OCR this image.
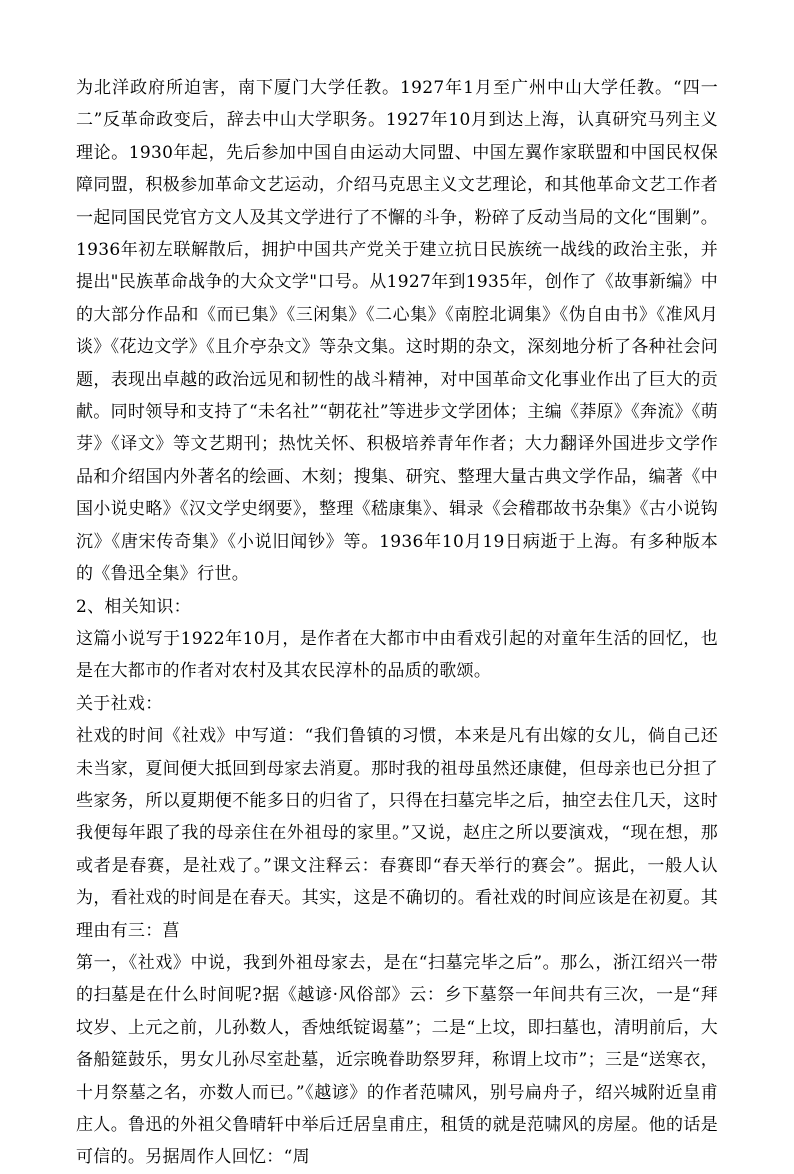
为北洋政府所迫害，南下厦门大学任教。1927年1月至广州中山大学任教。“四一二”反革命政变后，辞去中山大学职务。1927年10月到达上海，认真研究马列主义理论。1930年起，先后参加中国自由运动大同盟、中国左翼作家联盟和中国民权保障同盟，积极参加革命文艺运动，介绍马克思主义文艺理论，和其他革命文艺工作者一起同国民党官方文人及其文学进行了不懈的斗争，粉碎了反动当局的文化“围剿”。1936年初左联解散后，拥护中国共产党关于建立抗日民族统一战线的政治主张，并提出"民族革命战争的大众文学"口号。从1927年到1935年，创作了《故事新编》中的大部分作品和《而已集》《三闲集》《二心集》《南腔北调集》《伪自由书》《准风月谈》《花边文学》《且介亭杂文》等杂文集。这时期的杂文，深刻地分析了各种社会问题，表现出卓越的政治远见和韧性的战斗精神，对中国革命文化事业作出了巨大的贡献。同时领导和支持了“未名社”“朝花社”等进步文学团体；主编《莽原》《奔流》《萌芽》《译文》等文艺期刊；热忱关怀、积极培养青年作者；大力翻译外国进步文学作品和介绍国内外著名的绘画、木刻；搜集、研究、整理大量古典文学作品，编著《中国小说史略》《汉文学史纲要》，整理《嵇康集》、辑录《会稽郡故书杂集》《古小说钩沉》《唐宋传奇集》《小说旧闻钞》等。1936年10月19日病逝于上海。有多种版本的《鲁迅全集》行世。

2、相关知识：

这篇小说写于1922年10月，是作者在大都市中由看戏引起的对童年生活的回忆，也是在大都市的作者对农村及其农民淳朴的品质的歌颂。

关于社戏：

社戏的时间《社戏》中写道：“我们鲁镇的习惯，本来是凡有出嫁的女儿，倘自己还未当家，夏间便大抵回到母家去消夏。那时我的祖母虽然还康健，但母亲也已分担了些家务，所以夏期便不能多日的归省了，只得在扫墓完毕之后，抽空去住几天，这时我便每年跟了我的母亲住在外祖母的家里。”又说，赵庄之所以要演戏，“现在想，那或者是春赛，是社戏了。”课文注释云：春赛即“春天举行的赛会”。据此，一般人认为，看社戏的时间是在春天。其实，这是不确切的。看社戏的时间应该是在初夏。其理由有三：菖

第一，《社戏》中说，我到外祖母家去，是在“扫墓完毕之后”。那么，浙江绍兴一带的扫墓是在什么时间呢?据《越谚·风俗部》云：乡下墓祭一年间共有三次，一是“拜坟岁、上元之前，儿孙数人，香烛纸锭谒墓”；二是“上坟，即扫墓也，清明前后，大备船筵鼓乐，男女儿孙尽室赴墓，近宗晚眷助祭罗拜，称谓上坟市”；三是“送寒衣，十月祭墓之名，亦数人而已。”《越谚》的作者范啸风，别号扁舟子，绍兴城附近皇甫庄人。鲁迅的外祖父鲁晴轩中举后迁居皇甫庄，租赁的就是范啸风的房屋。他的话是可信的。另据周作人回忆：“周
